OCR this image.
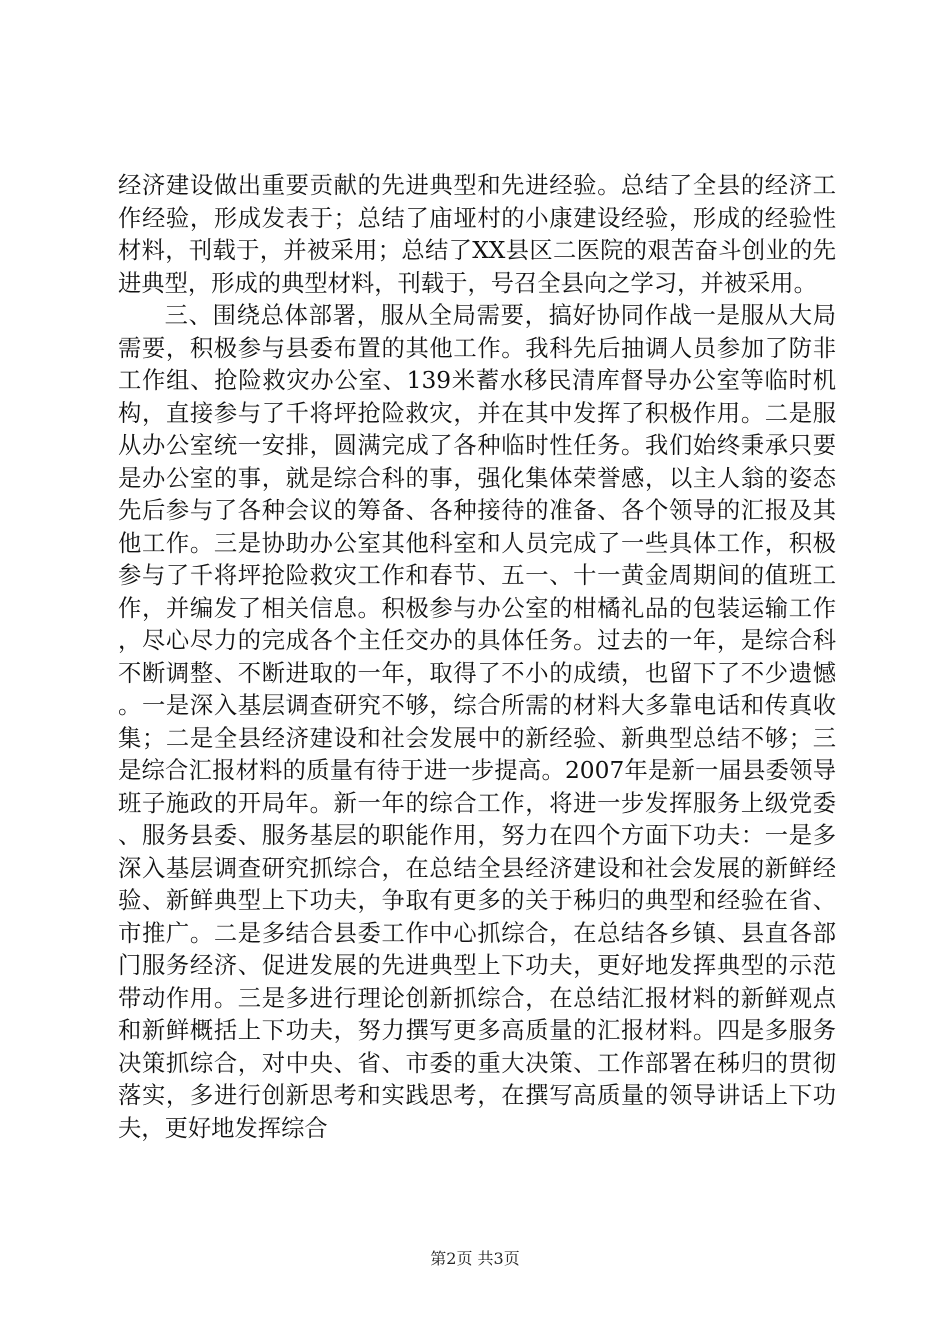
经济建设做出重要贡献的先进典型和先进经验。总结了全县的经济工作经验，形成发表于；总结了庙垭村的小康建设经验，形成的经验性材料，刊载于，并被采用；总结了XX县区二医院的艰苦奋斗创业的先进典型，形成的典型材料，刊载于，号召全县向之学习，并被采用。

三、围绕总体部署，服从全局需要，搞好协同作战一是服从大局需要，积极参与县委布置的其他工作。我科先后抽调人员参加了防非工作组、抢险救灾办公室、139米蓄水移民清库督导办公室等临时机构，直接参与了千将坪抢险救灾，并在其中发挥了积极作用。二是服从办公室统一安排，圆满完成了各种临时性任务。我们始终秉承只要是办公室的事，就是综合科的事，强化集体荣誉感，以主人翁的姿态先后参与了各种会议的筹备、各种接待的准备、各个领导的汇报及其他工作。三是协助办公室其他科室和人员完成了一些具体工作，积极参与了千将坪抢险救灾工作和春节、五一、十一黄金周期间的值班工作，并编发了相关信息。积极参与办公室的柑橘礼品的包装运输工作，尽心尽力的完成各个主任交办的具体任务。过去的一年，是综合科不断调整、不断进取的一年，取得了不小的成绩，也留下了不少遗憾。一是深入基层调查研究不够，综合所需的材料大多靠电话和传真收集；二是全县经济建设和社会发展中的新经验、新典型总结不够；三是综合汇报材料的质量有待于进一步提高。2007年是新一届县委领导班子施政的开局年。新一年的综合工作，将进一步发挥服务上级党委、服务县委、服务基层的职能作用，努力在四个方面下功夫：一是多深入基层调查研究抓综合，在总结全县经济建设和社会发展的新鲜经验、新鲜典型上下功夫，争取有更多的关于秭归的典型和经验在省、市推广。二是多结合县委工作中心抓综合，在总结各乡镇、县直各部门服务经济、促进发展的先进典型上下功夫，更好地发挥典型的示范带动作用。三是多进行理论创新抓综合，在总结汇报材料的新鲜观点和新鲜概括上下功夫，努力撰写更多高质量的汇报材料。四是多服务决策抓综合，对中央、省、市委的重大决策、工作部署在秭归的贯彻落实，多进行创新思考和实践思考，在撰写高质量的领导讲话上下功夫，更好地发挥综合

第2页 共3页
